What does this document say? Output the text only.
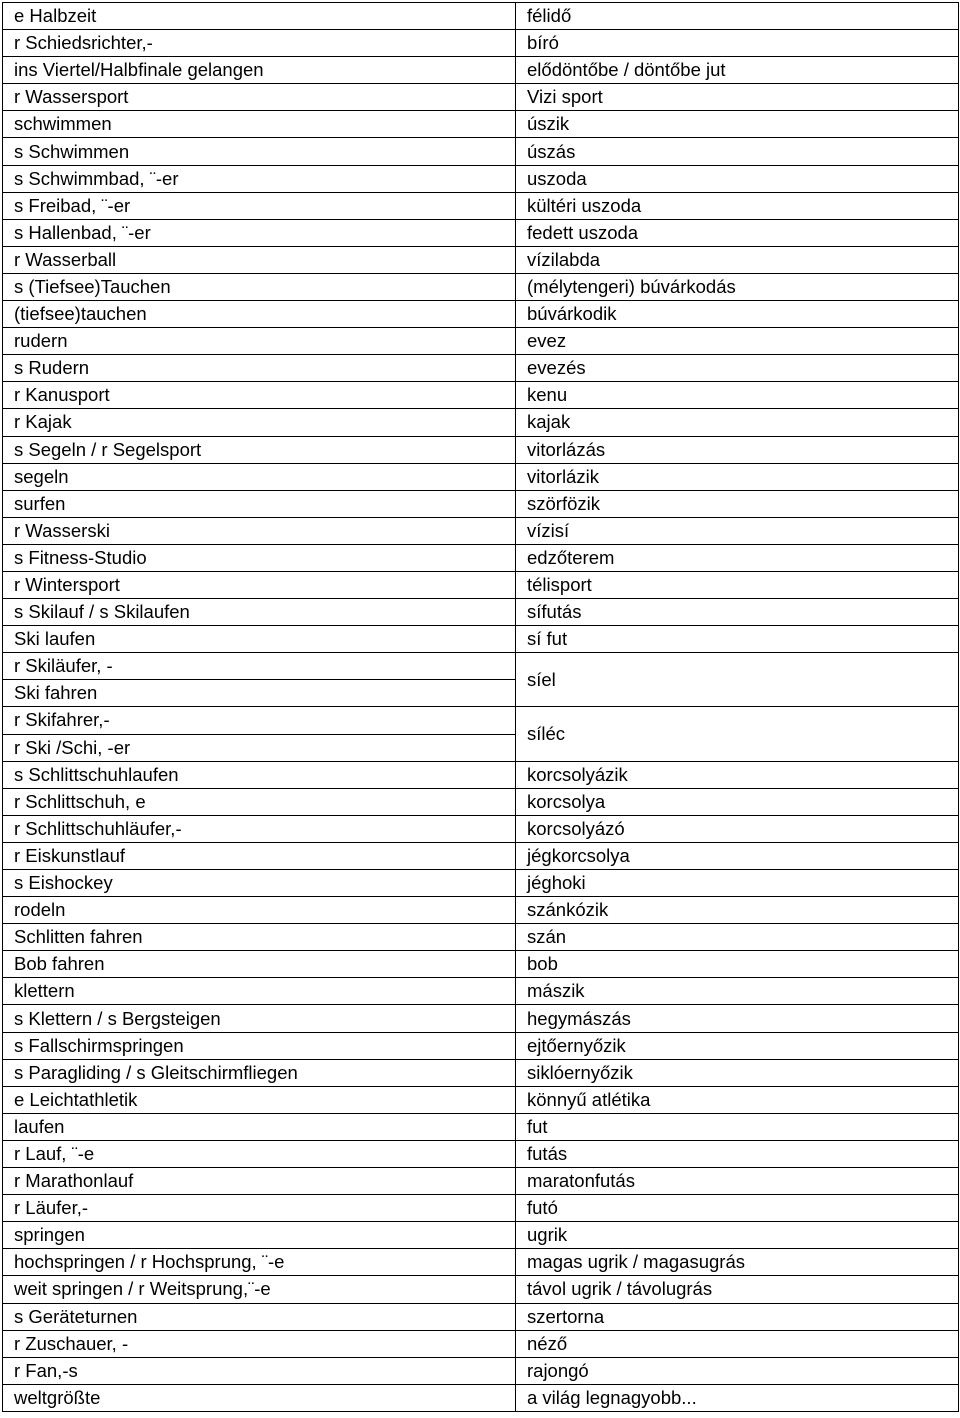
e Halbzeit	félidő
r Schiedsrichter,-	bíró
ins Viertel/Halbfinale gelangen	elődöntőbe / döntőbe jut
r Wassersport	Vizi sport
schwimmen	úszik
s Schwimmen	úszás
s Schwimmbad, ¨-er	uszoda
s Freibad, ¨-er	kültéri uszoda
s Hallenbad, ¨-er	fedett uszoda
r Wasserball	vízilabda
s (Tiefsee)Tauchen	(mélytengeri) búvárkodás
(tiefsee)tauchen	búvárkodik
rudern	evez
s Rudern	evezés
r Kanusport	kenu
r Kajak	kajak
s Segeln / r Segelsport	vitorlázás
segeln	vitorlázik
surfen	szörfözik
r Wasserski	vízisí
s Fitness-Studio	edzőterem
r Wintersport	télisport
s Skilauf / s Skilaufen	sífutás
Ski laufen	sí fut
r Skiläufer, -	síel
Ski fahren	
r Skifahrer,-	síléc
r Ski /Schi, -er	
s Schlittschuhlaufen	korcsolyázik
r Schlittschuh, e	korcsolya
r Schlittschuhläufer,-	korcsolyázó
r Eiskunstlauf	jégkorcsolya
s Eishockey	jéghoki
rodeln	szánkózik
Schlitten fahren	szán
Bob fahren	bob
klettern	mászik
s Klettern / s Bergsteigen	hegymászás
s Fallschirmspringen	ejtőernyőzik
s Paragliding / s Gleitschirmfliegen	siklóernyőzik
e Leichtathletik	könnyű atlétika
laufen	fut
r Lauf, ¨-e	futás
r Marathonlauf	maratonfutás
r Läufer,-	futó
springen	ugrik
hochspringen / r Hochsprung, ¨-e	magas ugrik / magasugrás
weit springen / r Weitsprung,¨-e	távol ugrik / távolugrás
s Geräteturnen	szertorna
r Zuschauer, -	néző
r Fan,-s	rajongó
weltgrößte	a világ legnagyobb...
